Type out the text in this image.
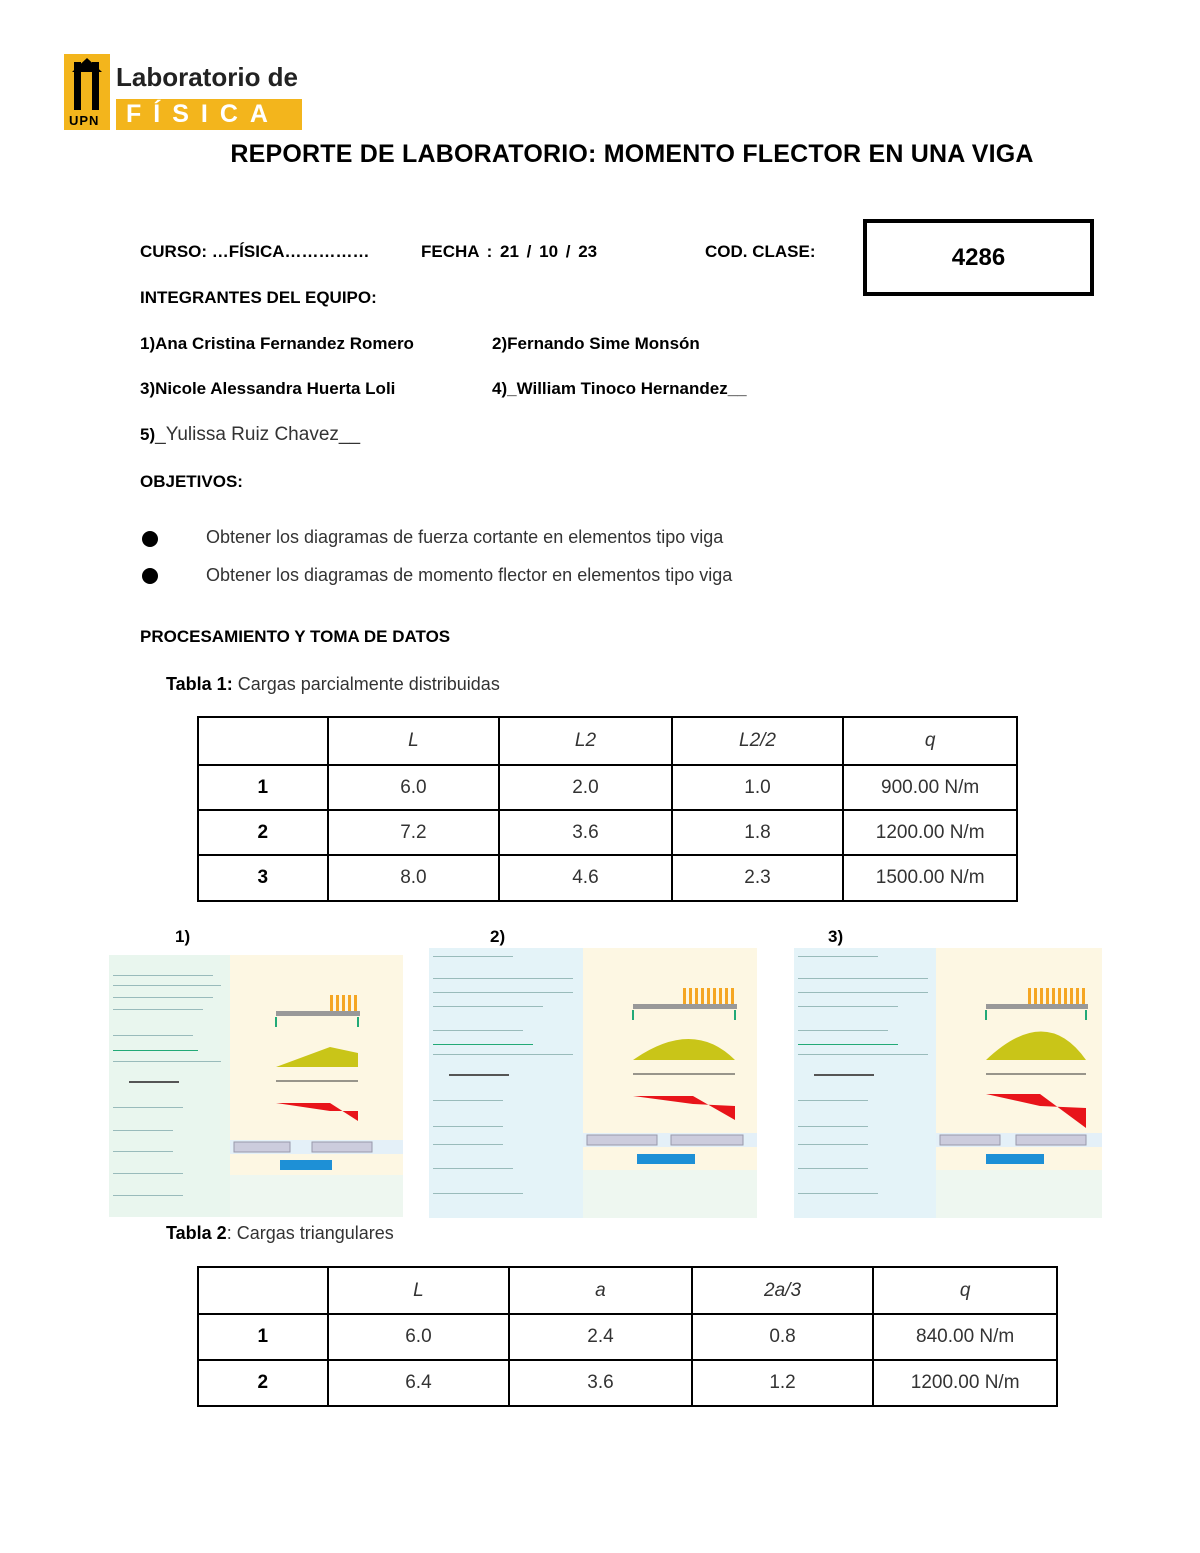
UPN
Laboratorio de
FÍSICA
REPORTE DE LABORATORIO: MOMENTO FLECTOR EN UNA VIGA
CURSO: …FÍSICA……………	FECHA : 21 / 10 / 23	COD. CLASE:	4286
INTEGRANTES DEL EQUIPO:
1)Ana Cristina Fernandez Romero	2)Fernando Sime Monsón
3)Nicole Alessandra Huerta Loli	4)_William Tinoco Hernandez__
5)_Yulissa Ruiz Chavez__
OBJETIVOS:
Obtener los diagramas de fuerza cortante en elementos tipo viga
Obtener los diagramas de momento flector en elementos tipo viga
PROCESAMIENTO Y TOMA DE DATOS
Tabla 1: Cargas parcialmente distribuidas
	L	L2	L2/2	q
1	6.0	2.0	1.0	900.00 N/m
2	7.2	3.6	1.8	1200.00 N/m
3	8.0	4.6	2.3	1500.00 N/m
1)	2)	3)
Tabla 2: Cargas triangulares
	L	a	2a/3	q
1	6.0	2.4	0.8	840.00 N/m
2	6.4	3.6	1.2	1200.00 N/m
